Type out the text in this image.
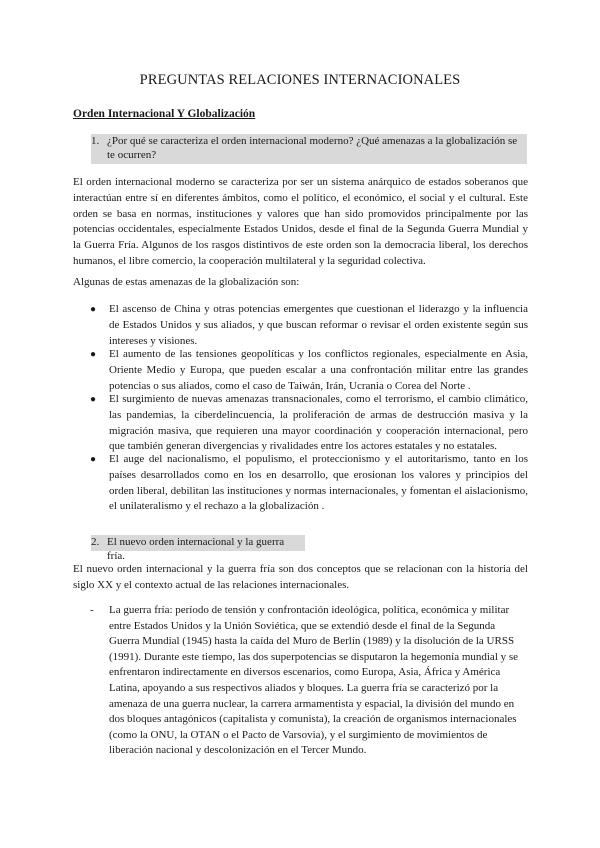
PREGUNTAS RELACIONES INTERNACIONALES
Orden Internacional Y Globalización
1. ¿Por qué se caracteriza el orden internacional moderno? ¿Qué amenazas a la globalización se te ocurren?
El orden internacional moderno se caracteriza por ser un sistema anárquico de estados soberanos que interactúan entre sí en diferentes ámbitos, como el político, el económico, el social y el cultural. Este orden se basa en normas, instituciones y valores que han sido promovidos principalmente por las potencias occidentales, especialmente Estados Unidos, desde el final de la Segunda Guerra Mundial y la Guerra Fría. Algunos de los rasgos distintivos de este orden son la democracia liberal, los derechos humanos, el libre comercio, la cooperación multilateral y la seguridad colectiva.
Algunas de estas amenazas de la globalización son:
● El ascenso de China y otras potencias emergentes que cuestionan el liderazgo y la influencia de Estados Unidos y sus aliados, y que buscan reformar o revisar el orden existente según sus intereses y visiones.
● El aumento de las tensiones geopolíticas y los conflictos regionales, especialmente en Asia, Oriente Medio y Europa, que pueden escalar a una confrontación militar entre las grandes potencias o sus aliados, como el caso de Taiwán, Irán, Ucrania o Corea del Norte .
● El surgimiento de nuevas amenazas transnacionales, como el terrorismo, el cambio climático, las pandemias, la ciberdelincuencia, la proliferación de armas de destrucción masiva y la migración masiva, que requieren una mayor coordinación y cooperación internacional, pero que también generan divergencias y rivalidades entre los actores estatales y no estatales.
● El auge del nacionalismo, el populismo, el proteccionismo y el autoritarismo, tanto en los países desarrollados como en los en desarrollo, que erosionan los valores y principios del orden liberal, debilitan las instituciones y normas internacionales, y fomentan el aislacionismo, el unilateralismo y el rechazo a la globalización .
2. El nuevo orden internacional y la guerra fría.
El nuevo orden internacional y la guerra fría son dos conceptos que se relacionan con la historia del siglo XX y el contexto actual de las relaciones internacionales.
- La guerra fría: período de tensión y confrontación ideológica, política, económica y militar entre Estados Unidos y la Unión Soviética, que se extendió desde el final de la Segunda Guerra Mundial (1945) hasta la caída del Muro de Berlín (1989) y la disolución de la URSS (1991). Durante este tiempo, las dos superpotencias se disputaron la hegemonía mundial y se enfrentaron indirectamente en diversos escenarios, como Europa, Asia, África y América Latina, apoyando a sus respectivos aliados y bloques. La guerra fría se caracterizó por la amenaza de una guerra nuclear, la carrera armamentista y espacial, la división del mundo en dos bloques antagónicos (capitalista y comunista), la creación de organismos internacionales (como la ONU, la OTAN o el Pacto de Varsovia), y el surgimiento de movimientos de liberación nacional y descolonización en el Tercer Mundo.
